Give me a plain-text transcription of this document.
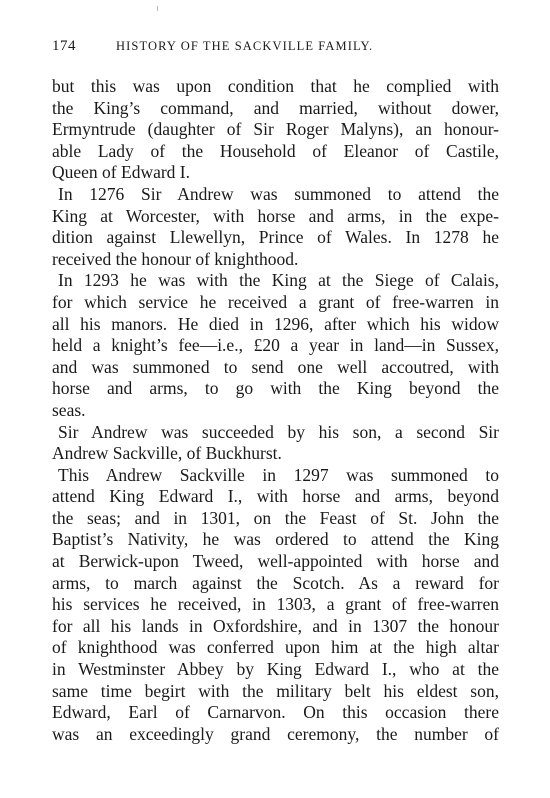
174	HISTORY OF THE SACKVILLE FAMILY.
but this was upon condition that he complied with
the King’s command, and married, without dower,
Ermyntrude (daughter of Sir Roger Malyns), an honour-
able Lady of the Household of Eleanor of Castile,
Queen of Edward I.
In 1276 Sir Andrew was summoned to attend the
King at Worcester, with horse and arms, in the expe-
dition against Llewellyn, Prince of Wales. In 1278 he
received the honour of knighthood.
In 1293 he was with the King at the Siege of Calais,
for which service he received a grant of free-warren in
all his manors. He died in 1296, after which his widow
held a knight’s fee—i.e., £20 a year in land—in Sussex,
and was summoned to send one well accoutred, with
horse and arms, to go with the King beyond the
seas.
Sir Andrew was succeeded by his son, a second Sir
Andrew Sackville, of Buckhurst.
This Andrew Sackville in 1297 was summoned to
attend King Edward I., with horse and arms, beyond
the seas; and in 1301, on the Feast of St. John the
Baptist’s Nativity, he was ordered to attend the King
at Berwick-upon Tweed, well-appointed with horse and
arms, to march against the Scotch. As a reward for
his services he received, in 1303, a grant of free-warren
for all his lands in Oxfordshire, and in 1307 the honour
of knighthood was conferred upon him at the high altar
in Westminster Abbey by King Edward I., who at the
same time begirt with the military belt his eldest son,
Edward, Earl of Carnarvon. On this occasion there
was an exceedingly grand ceremony, the number of
